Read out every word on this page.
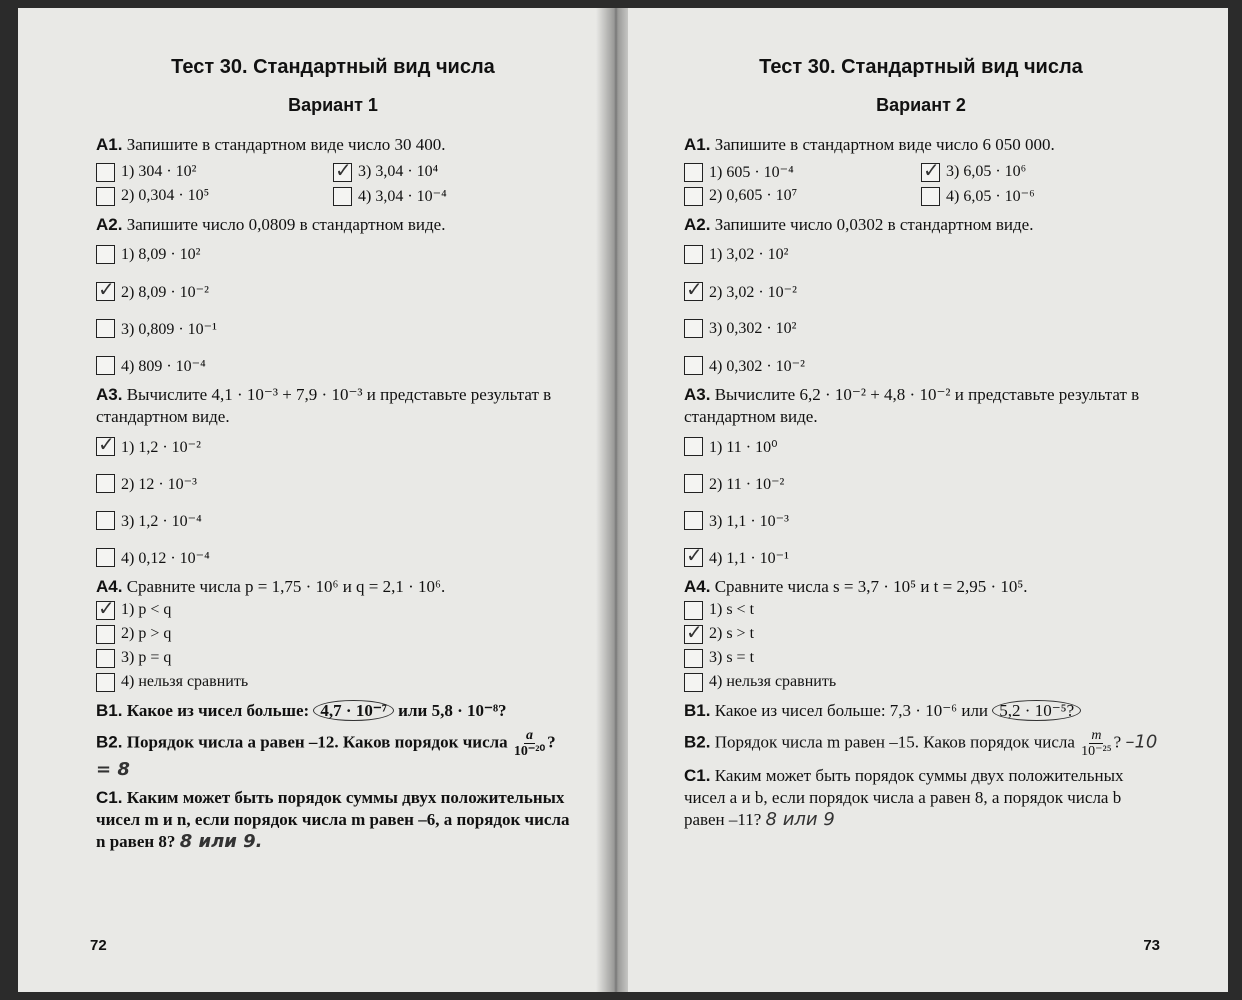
Тест 30. Стандартный вид числа

Вариант 1

А1. Запишите в стандартном виде число 30 400.

1) 304 · 10² ✓	3) 3,04 · 10⁴
2) 0,304 · 10⁵	4) 3,04 · 10⁻⁴

А2. Запишите число 0,0809 в стандартном виде.

1) 8,09 · 10²
✓
2) 8,09 · 10⁻²
3) 0,809 · 10⁻¹
4) 809 · 10⁻⁴

А3. Вычислите 4,1 · 10⁻³ + 7,9 · 10⁻³ и представьте результат в стандартном виде.

✓
1) 1,2 · 10⁻²
2) 12 · 10⁻³
3) 1,2 · 10⁻⁴
4) 0,12 · 10⁻⁴

А4. Сравните числа p = 1,75 · 10⁶ и q = 2,1 · 10⁶.

✓
1) p < q
2) p > q
3) p = q
4) нельзя сравнить

В1. Какое из чисел больше: 4,7 · 10⁻⁷ или 5,8 · 10⁻⁸?

В2. Порядок числа a равен –12. Каков порядок числа $\frac{a}{\text{10⁻²⁰}}$ ? = 8

С1. Каким может быть порядок суммы двух положительных чисел m и n, если порядок числа m равен –6, а порядок числа n равен 8? 8 или 9.

72

Тест 30. Стандартный вид числа

Вариант 2

А1. Запишите в стандартном виде число 6 050 000.

1) 605 · 10⁻⁴ ✓	3) 6,05 · 10⁶
2) 0,605 · 10⁷	4) 6,05 · 10⁻⁶

А2. Запишите число 0,0302 в стандартном виде.

1) 3,02 · 10²
✓
2) 3,02 · 10⁻²
3) 0,302 · 10²
4) 0,302 · 10⁻²

А3. Вычислите 6,2 · 10⁻² + 4,8 · 10⁻² и представьте результат в стандартном виде.

1) 11 · 10⁰
2) 11 · 10⁻²
3) 1,1 · 10⁻³
✓
4) 1,1 · 10⁻¹

А4. Сравните числа s = 3,7 · 10⁵ и t = 2,95 · 10⁵.

1) s < t
✓
2) s > t
3) s = t
4) нельзя сравнить

В1. Какое из чисел больше: 7,3 · 10⁻⁶ или 5,2 · 10⁻⁵?

В2. Порядок числа m равен –15. Каков порядок числа $\frac{m}{\text{10⁻²⁵}}$ ? –10

С1. Каким может быть порядок суммы двух положительных чисел a и b, если порядок числа a равен 8, а порядок числа b равен –11? 8 или 9

73
